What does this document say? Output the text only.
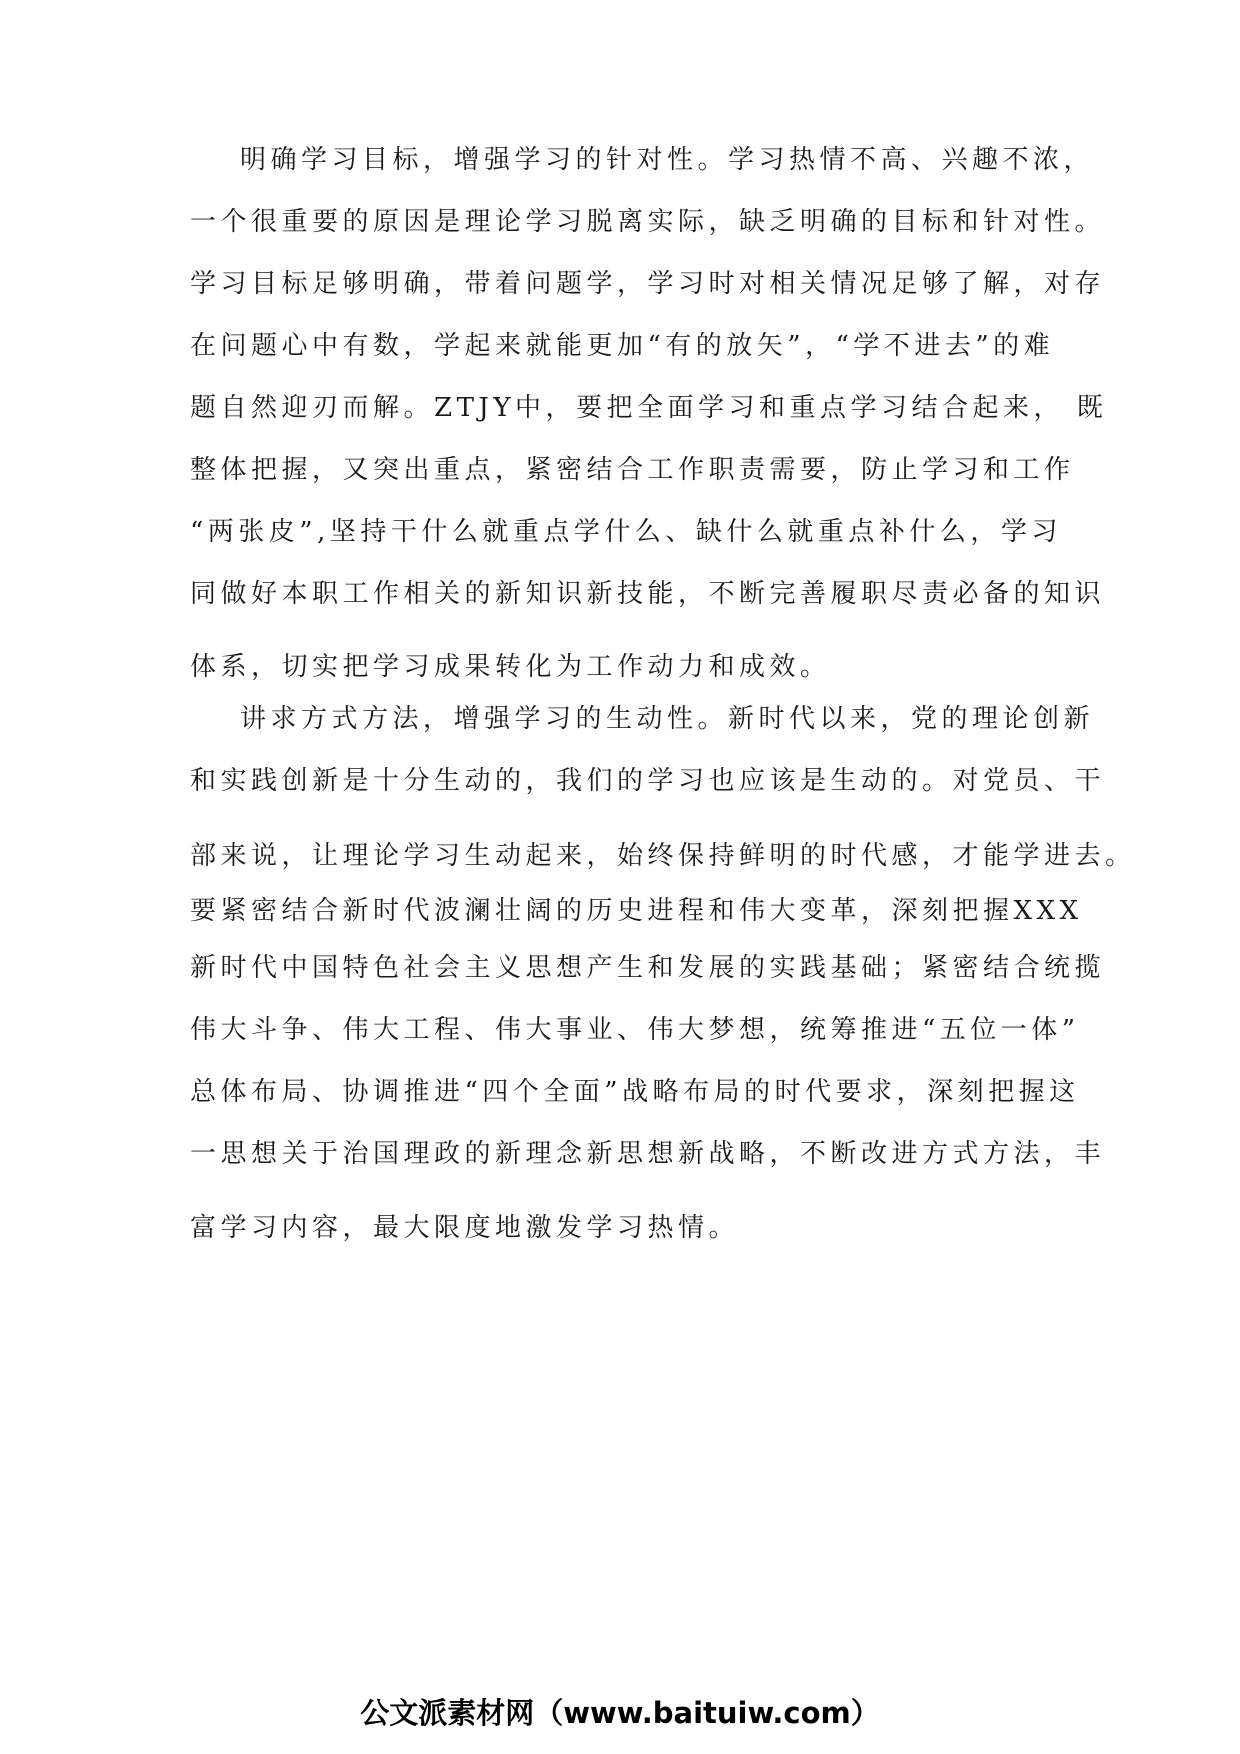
明确学习目标，增强学习的针对性。学习热情不高、兴趣不浓，
一个很重要的原因是理论学习脱离实际，缺乏明确的目标和针对性。
学习目标足够明确，带着问题学，学习时对相关情况足够了解，对存
在问题心中有数，学起来就能更加“有的放矢”，“学不进去”的难
题自然迎刃而解。ZTJY中，要把全面学习和重点学习结合起来， 既
整体把握，又突出重点，紧密结合工作职责需要，防止学习和工作
“两张皮”,坚持干什么就重点学什么、缺什么就重点补什么，学习
同做好本职工作相关的新知识新技能，不断完善履职尽责必备的知识
体系，切实把学习成果转化为工作动力和成效。
讲求方式方法，增强学习的生动性。新时代以来，党的理论创新
和实践创新是十分生动的，我们的学习也应该是生动的。对党员、干
部来说，让理论学习生动起来，始终保持鲜明的时代感，才能学进去。
要紧密结合新时代波澜壮阔的历史进程和伟大变革，深刻把握XXX
新时代中国特色社会主义思想产生和发展的实践基础；紧密结合统揽
伟大斗争、伟大工程、伟大事业、伟大梦想，统筹推进“五位一体”
总体布局、协调推进“四个全面”战略布局的时代要求，深刻把握这
一思想关于治国理政的新理念新思想新战略，不断改进方式方法，丰
富学习内容，最大限度地激发学习热情。
公文派素材网（www.baituiw.com）
